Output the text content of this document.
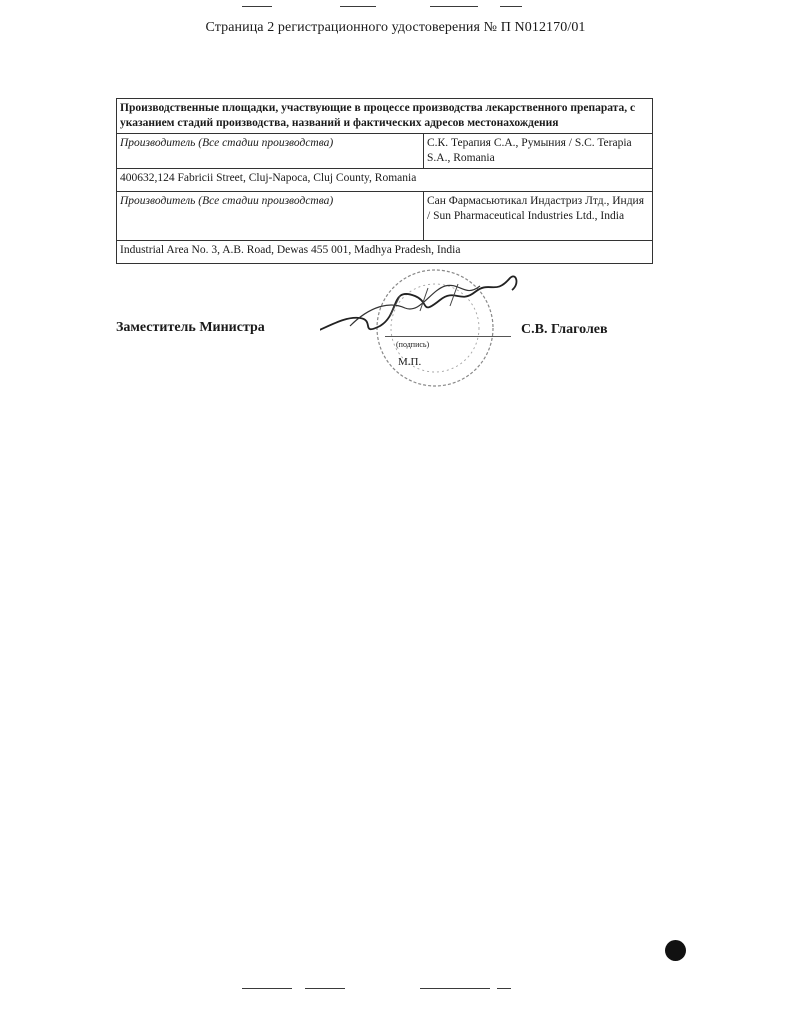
Страница 2 регистрационного удостоверения № П N012170/01
Производственные площадки, участвующие в процессе производства лекарственного препарата, с указанием стадий производства, названий и фактических адресов местонахождения	
Производитель (Все стадии производства)	С.К. Терапия С.А., Румыния / S.C. Terapia S.A., Romania
400632,124 Fabricii Street, Cluj-Napoca, Cluj County, Romania	
Производитель (Все стадии производства)	Сан Фармасьютикал Индастриз Лтд., Индия / Sun Pharmaceutical Industries Ltd., India
Industrial Area No. 3, A.B. Road, Dewas 455 001, Madhya Pradesh, India	
Заместитель Министра
(подпись)
М.П.
С.В. Глаголев
